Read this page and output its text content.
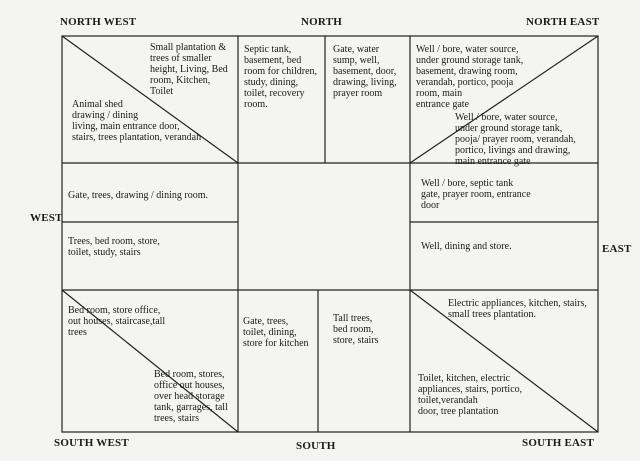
NORTH WEST	NORTH	NORTH EAST
WEST
EAST
SOUTH WEST	SOUTH	SOUTH EAST
Small plantation &
trees of smaller
height, Living, Bed
room, Kitchen,
Toilet
Animal shed
drawing / dining
living, main entrance door,
stairs, trees plantation, verandah
Septic tank,
basement, bed
room for children,
study, dining,
toilet, recovery
room.
Gate, water
sump, well,
basement, door,
drawing, living,
prayer room
Well / bore, water source,
under ground storage tank,
basement, drawing room,
verandah, portico, pooja
room, main
entrance gate
Well / bore, water source,
under ground storage tank,
pooja/ prayer room, verandah,
portico, livings and drawing,
main entrance gate
Gate, trees, drawing / dining room.
Trees, bed room, store,
toilet, study, stairs
Well / bore, septic tank
gate, prayer room, entrance
door
Well, dining and store.
Bed room, store office,
out houses, staircase,tall
trees
Bed room, stores,
office out houses,
over head storage
tank, garrages, tall
trees, stairs
Gate, trees,
toilet, dining,
store for kitchen
Tall trees,
bed room,
store, stairs
Electric appliances, kitchen, stairs,
small trees plantation.
Toilet, kitchen, electric
appliances, stairs, portico,
toilet,verandah
door, tree plantation
